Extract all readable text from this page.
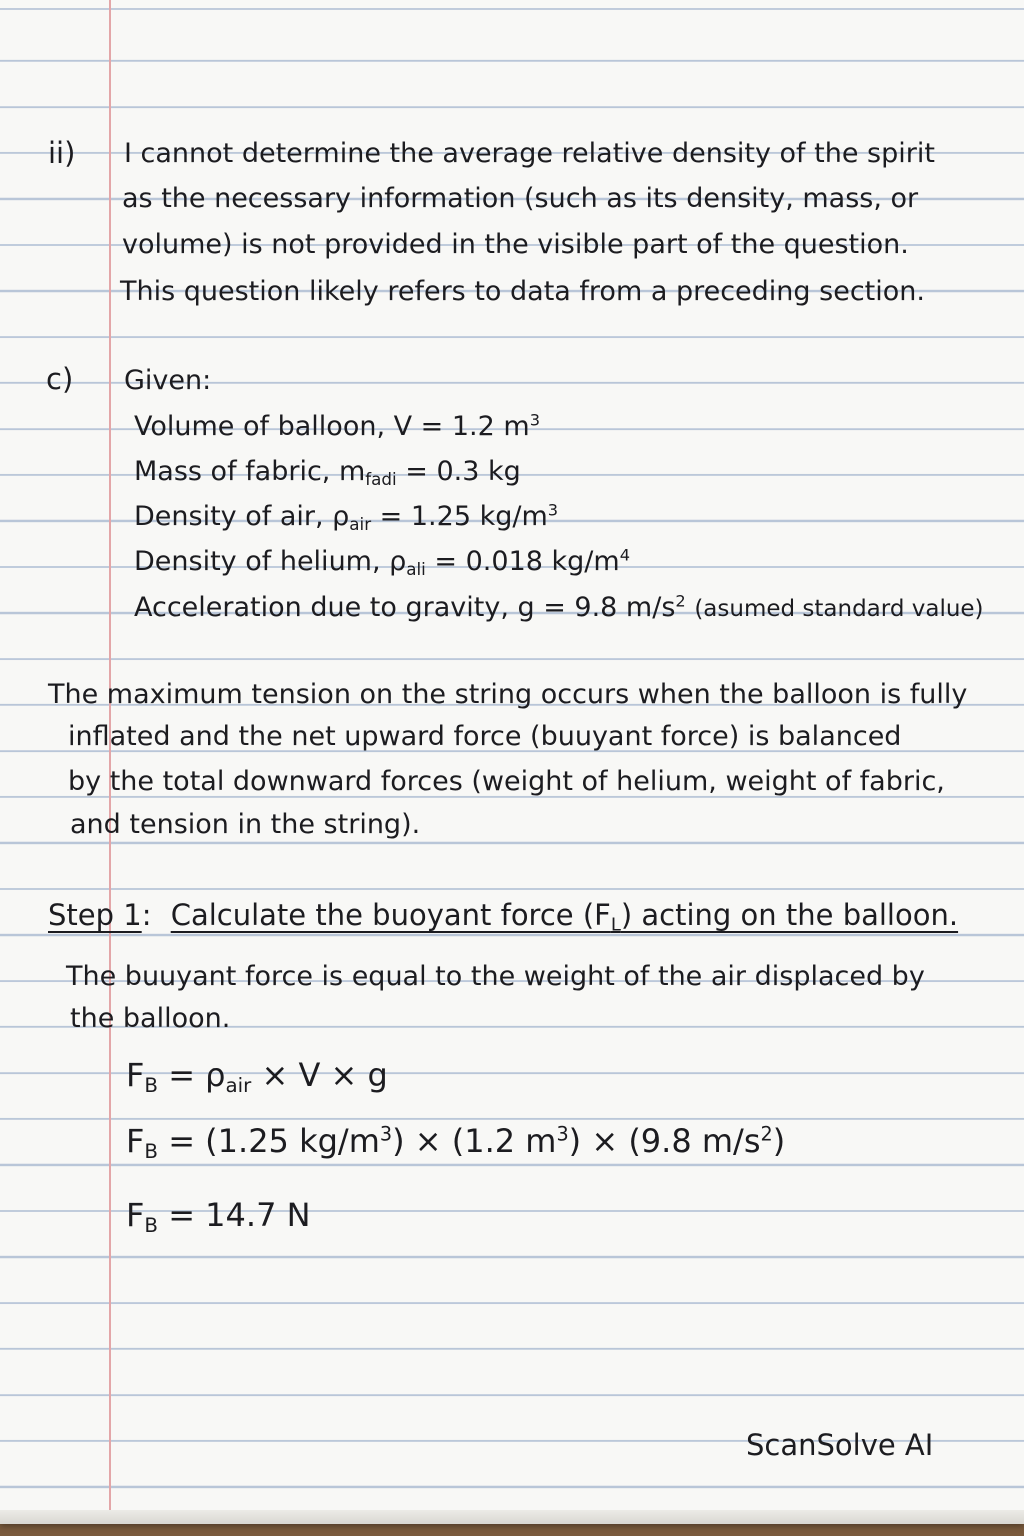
ii) I cannot determine the average relative density of the spirit
as the necessary information (such as its density, mass, or
volume) is not provided in the visible part of the question.
This question likely refers to data from a preceding section.
c) Given:
Volume of balloon, V = 1.2 $m^3$
Mass of fabric, $m_{fadi} = 0.3$ kg
Density of air, $\rho_{air} = 1.25$ $kg/m^3$
Density of helium, $\rho_{ali} = 0.018$ $kg/m^4$
Acceleration due to gravity, g = 9.8 $m/s^2$ (asumed standard value)
The maximum tension on the string occurs when the balloon is fully
inflated and the net upward force (buuyant force) is balanced
by the total downward forces (weight of helium, weight of fabric,
and tension in the string).
Step 1: Calculate the buoyant force $(F_L)$ acting on the balloon.
The buuyant force is equal to the weight of the air displaced by
the balloon.
$F_B = \rho_{air} \times V \times g$
$F_B = (1.25$ $kg/m^3) \times (1.2$ $m^3) \times (9.8$ $m/s^2$)
$F_B = 14.7$ N
ScanSolve AI
